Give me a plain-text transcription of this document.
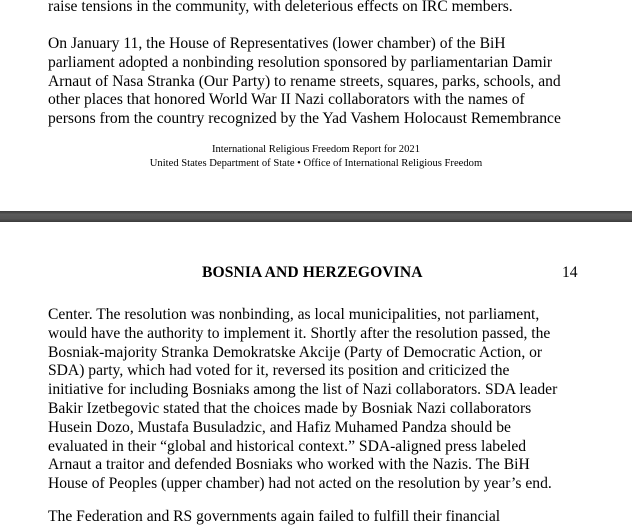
raise tensions in the community, with deleterious effects on IRC members.

On January 11, the House of Representatives (lower chamber) of the BiH
parliament adopted a nonbinding resolution sponsored by parliamentarian Damir
Arnaut of Nasa Stranka (Our Party) to rename streets, squares, parks, schools, and
other places that honored World War II Nazi collaborators with the names of
persons from the country recognized by the Yad Vashem Holocaust Remembrance

International Religious Freedom Report for 2021
United States Department of State • Office of International Religious Freedom
BOSNIA AND HERZEGOVINA	14

Center. The resolution was nonbinding, as local municipalities, not parliament,
would have the authority to implement it. Shortly after the resolution passed, the
Bosniak-majority Stranka Demokratske Akcije (Party of Democratic Action, or
SDA) party, which had voted for it, reversed its position and criticized the
initiative for including Bosniaks among the list of Nazi collaborators. SDA leader
Bakir Izetbegovic stated that the choices made by Bosniak Nazi collaborators
Husein Dozo, Mustafa Busuladzic, and Hafiz Muhamed Pandza should be
evaluated in their “global and historical context.” SDA-aligned press labeled
Arnaut a traitor and defended Bosniaks who worked with the Nazis. The BiH
House of Peoples (upper chamber) had not acted on the resolution by year’s end.

The Federation and RS governments again failed to fulfill their financial
